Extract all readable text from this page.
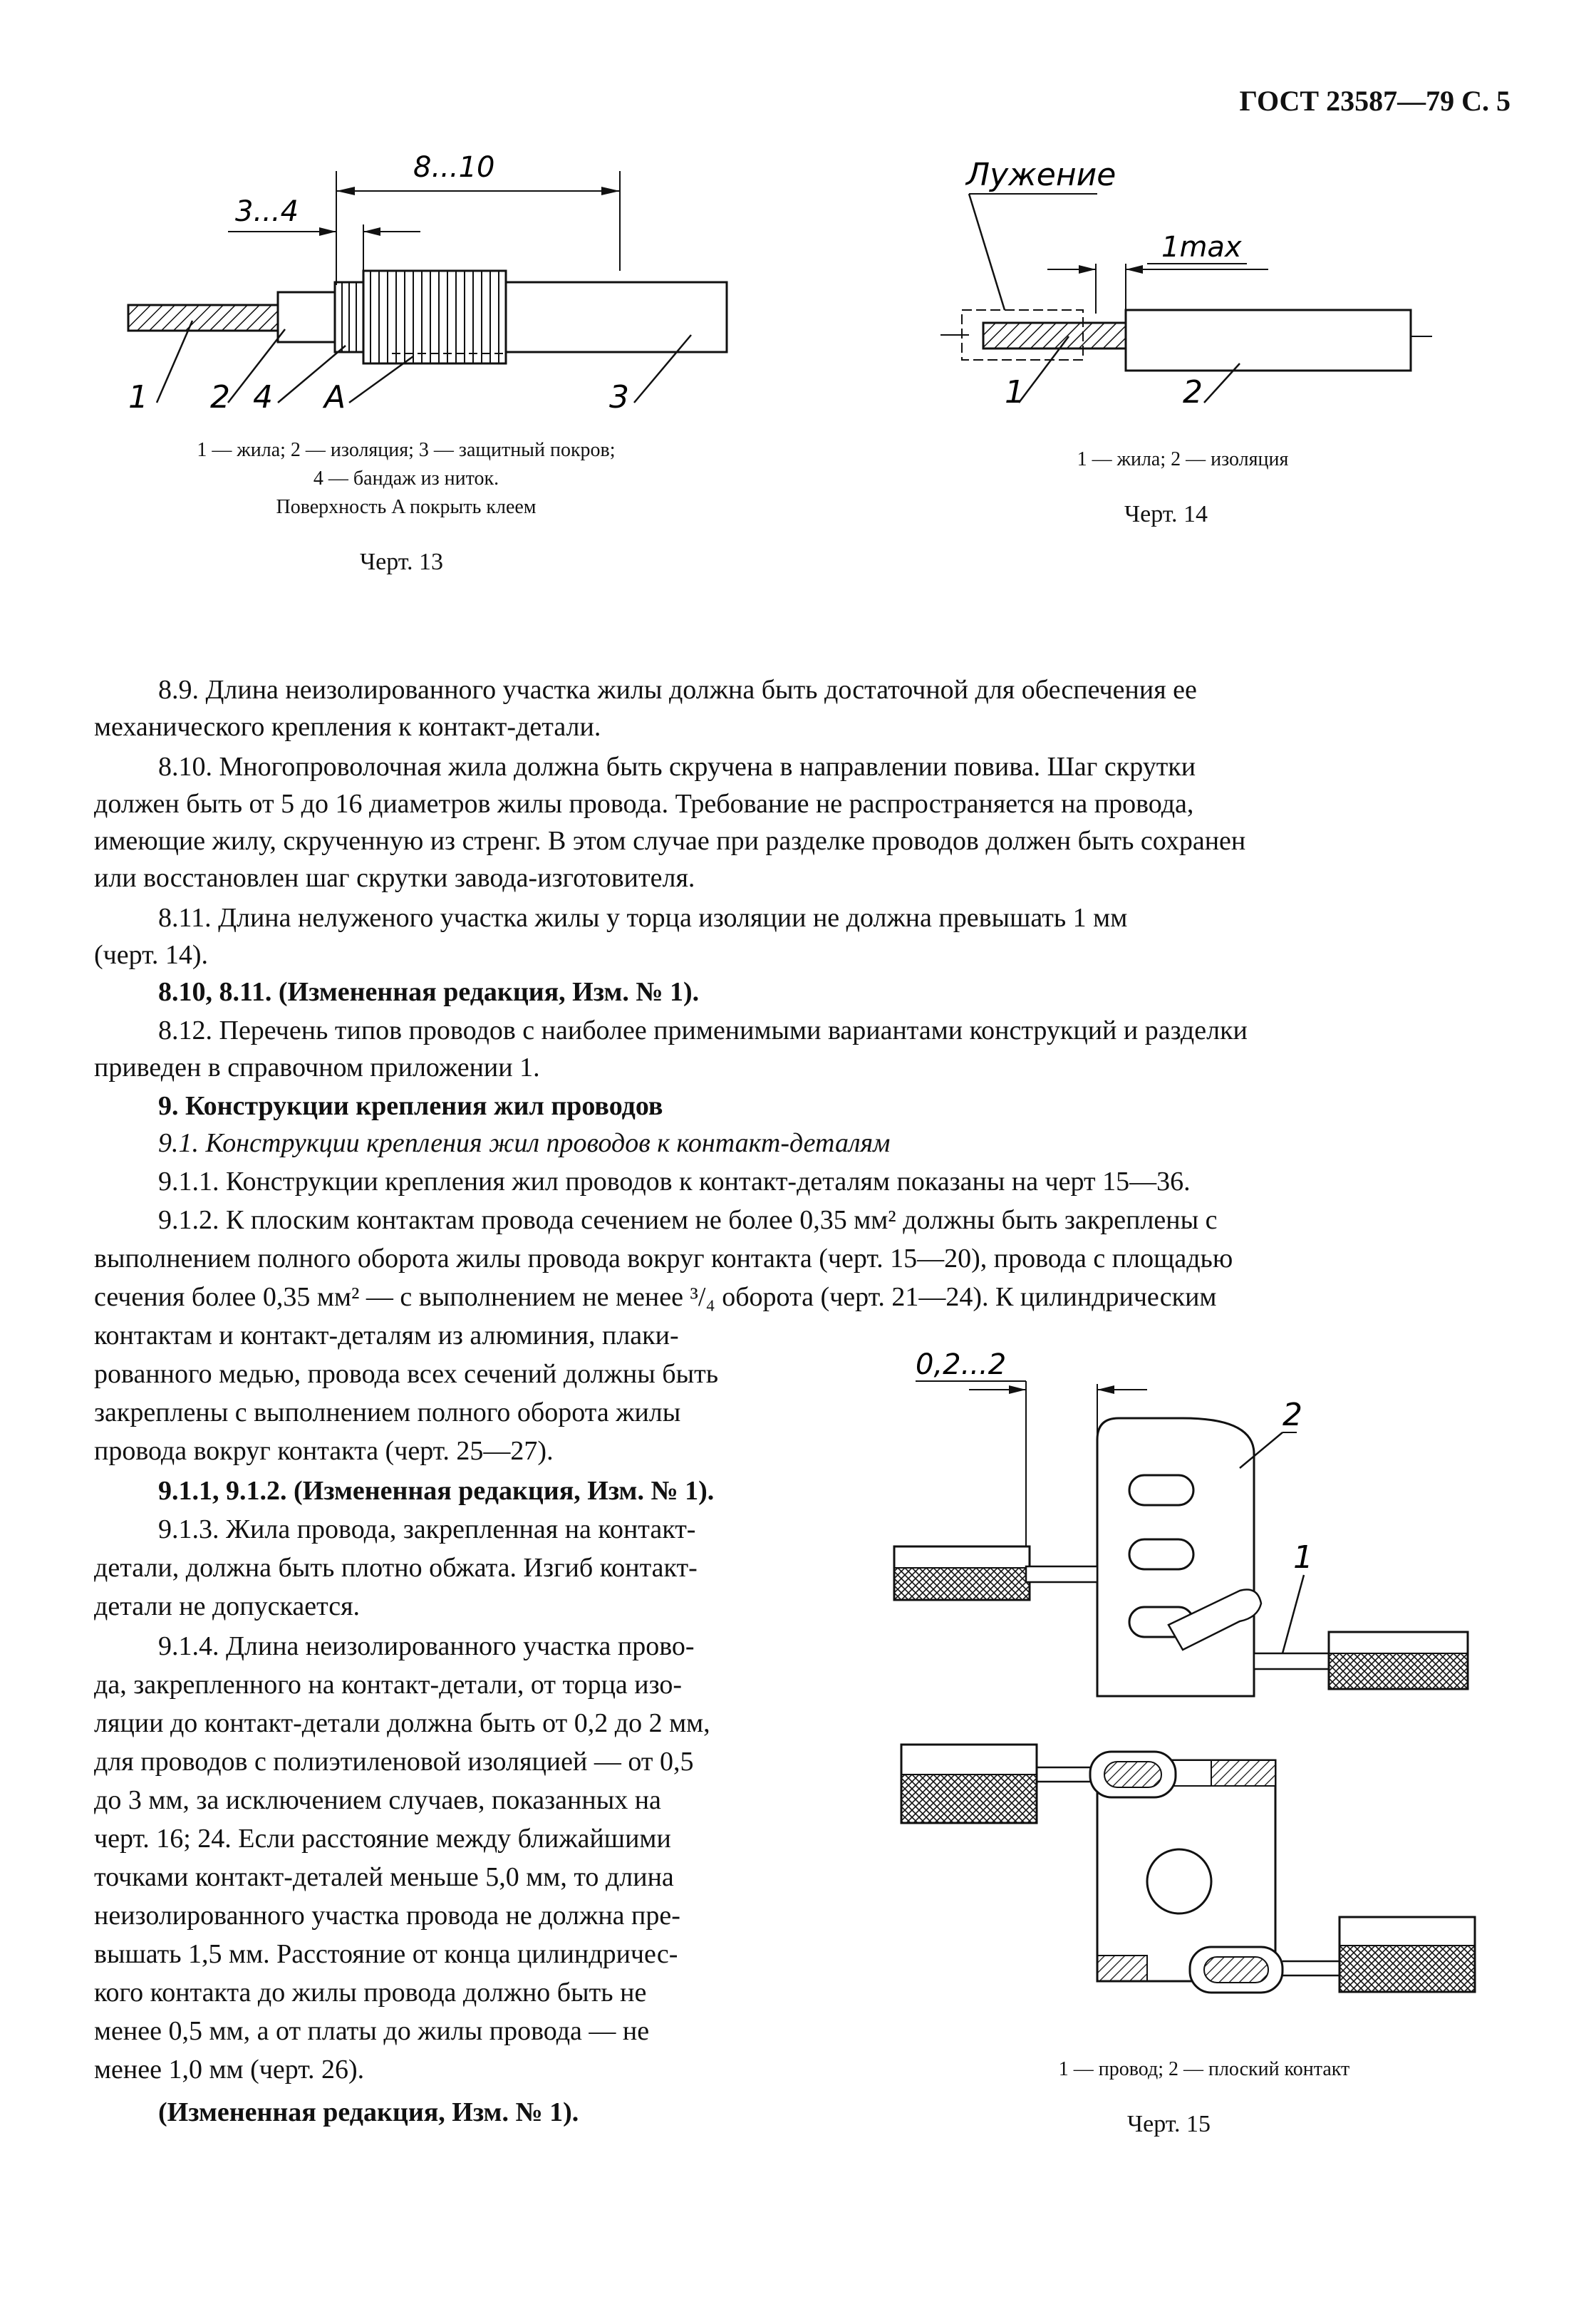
ГОСТ 23587—79 С. 5
8...10
3...4
1 2 4 A	3
1 — жила; 2 — изоляция; 3 — защитный покров;
4 — бандаж из ниток.
Поверхность A покрыть клеем
Черт. 13
Лужение
1max
1	2
1 — жила; 2 — изоляция
Черт. 14
8.9. Длина неизолированного участка жилы должна быть достаточной для обеспечения ее
механического крепления к контакт-детали.
8.10. Многопроволочная жила должна быть скручена в направлении повива. Шаг скрутки
должен быть от 5 до 16 диаметров жилы провода. Требование не распространяется на провода,
имеющие жилу, скрученную из стренг. В этом случае при разделке проводов должен быть сохранен
или восстановлен шаг скрутки завода-изготовителя.
8.11. Длина нелуженого участка жилы у торца изоляции не должна превышать 1 мм
(черт. 14).
8.10, 8.11. (Измененная редакция, Изм. № 1).
8.12. Перечень типов проводов с наиболее применимыми вариантами конструкций и разделки
приведен в справочном приложении 1.
9. Конструкции крепления жил проводов
9.1. Конструкции крепления жил проводов к контакт-деталям
9.1.1. Конструкции крепления жил проводов к контакт-деталям показаны на черт 15—36.
9.1.2. К плоским контактам провода сечением не более 0,35 мм² должны быть закреплены с
выполнением полного оборота жилы провода вокруг контакта (черт. 15—20), провода с площадью
сечения более 0,35 мм² — с выполнением не менее ³/₄ оборота (черт. 21—24). К цилиндрическим
контактам и контакт-деталям из алюминия, плаки-
рованного медью, провода всех сечений должны быть
закреплены с выполнением полного оборота жилы
провода вокруг контакта (черт. 25—27).
9.1.1, 9.1.2. (Измененная редакция, Изм. № 1).
9.1.3. Жила провода, закрепленная на контакт-
детали, должна быть плотно обжата. Изгиб контакт-
детали не допускается.
9.1.4. Длина неизолированного участка прово-
да, закрепленного на контакт-детали, от торца изо-
ляции до контакт-детали должна быть от 0,2 до 2 мм,
для проводов с полиэтиленовой изоляцией — от 0,5
до 3 мм, за исключением случаев, показанных на
черт. 16; 24. Если расстояние между ближайшими
точками контакт-деталей меньше 5,0 мм, то длина
неизолированного участка провода не должна пре-
вышать 1,5 мм. Расстояние от конца цилиндричес-
кого контакта до жилы провода должно быть не
менее 0,5 мм, а от платы до жилы провода — не
менее 1,0 мм (черт. 26).
(Измененная редакция, Изм. № 1).
0,2...2
2
1
1 — провод; 2 — плоский контакт
Черт. 15
